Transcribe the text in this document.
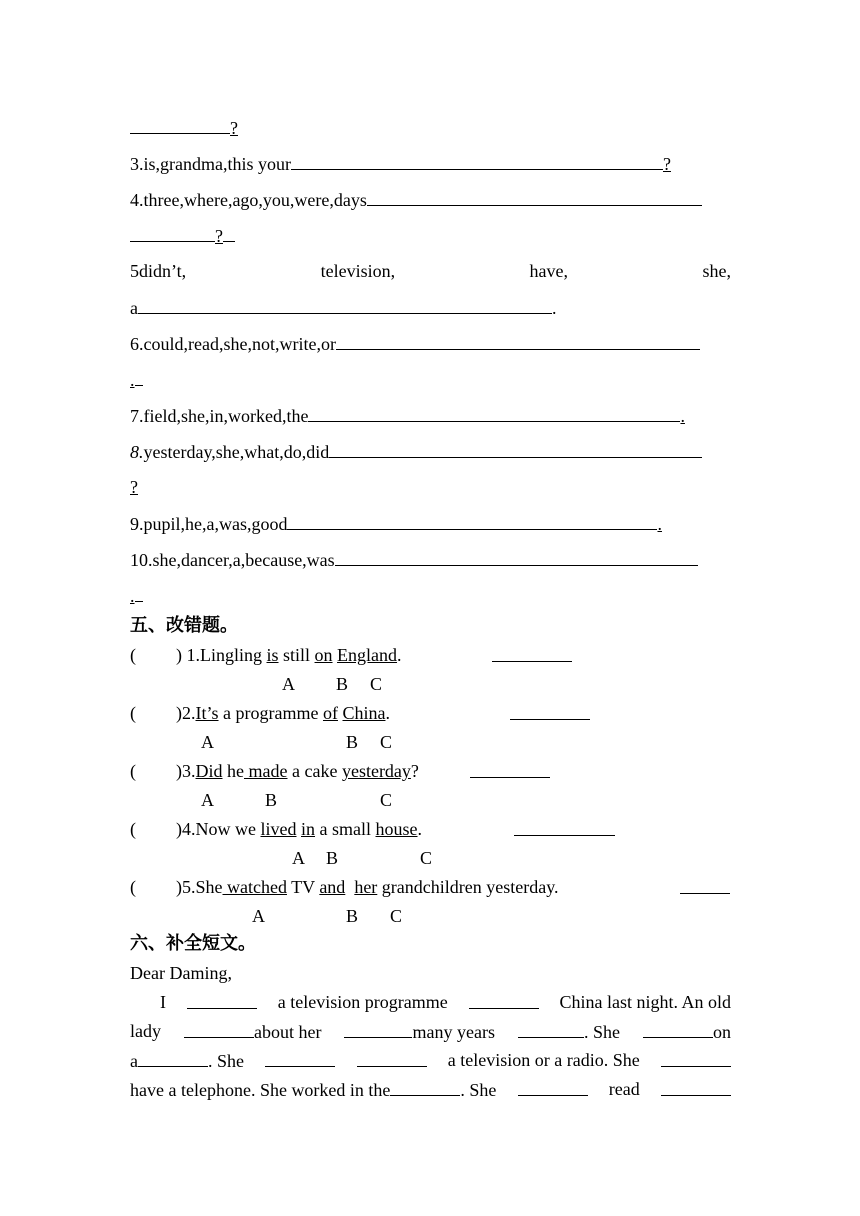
?
3.is,grandma,this your	?
4.three,where,ago,you,were,days
?
5didn’t,	television,	have,	she,
a	.
6.could,read,she,not,write,or
.
7.field,she,in,worked,the	.
8.yesterday,she,what,do,did
?
9.pupil,he,a,was,good	.
10.she,dancer,a,because,was
.
五、改错题。
( ) 1.Lingling is still on England.
A B C
( )2.It’s a programme of China.
A	B C
( )3.Did he made a cake yesterday?
A	B	C
( )4.Now we lived in a small house.
A B	C
( )5.She watched TV and her grandchildren yesterday.
A	B C
六、补全短文。
Dear Daming,
I	a television programme	China last night. An old
lady	about her	many years	. She	on
a	. She	a television or a radio. She
have a telephone. She worked in the	. She	read
